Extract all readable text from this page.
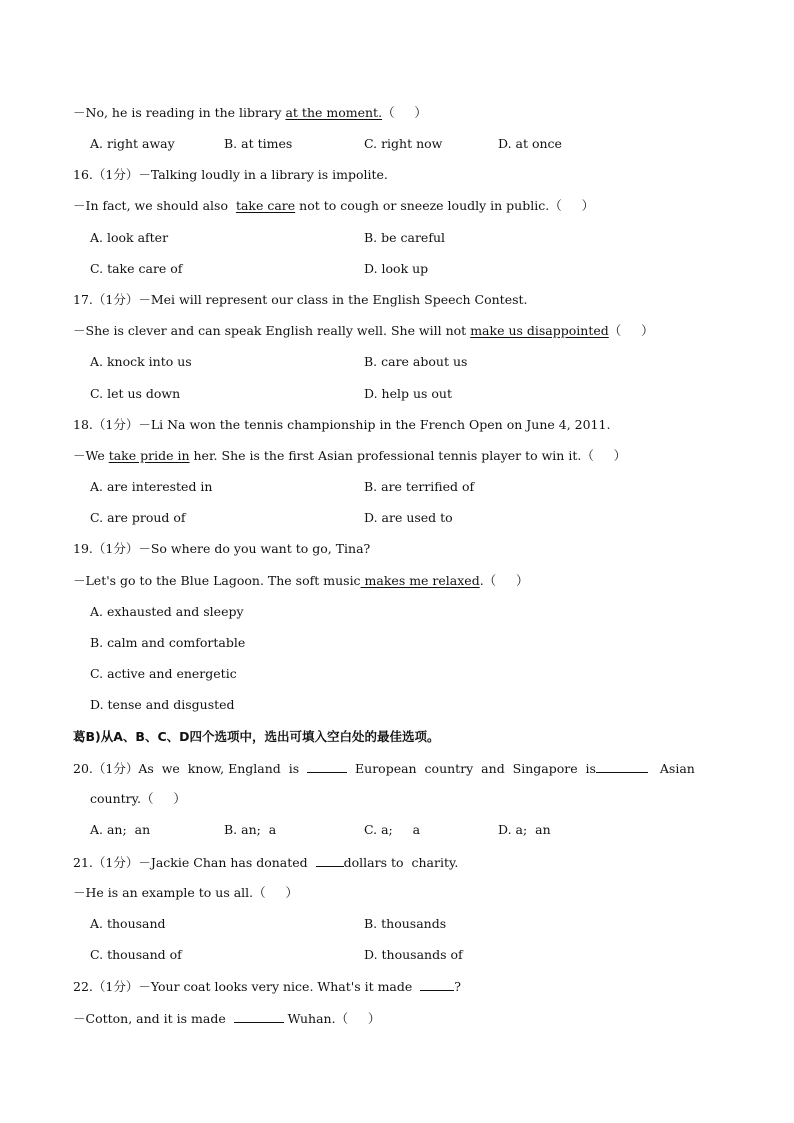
－No, he is reading in the library at the moment.（     ）
A. right away	B. at times	C. right now	D. at once
16.（1分）－Talking loudly in a library is impolite.
－In fact, we should also  take care not to cough or sneeze loudly in public.（     ）
A. look after	B. be careful
C. take care of	D. look up
17.（1分）－Mei will represent our class in the English Speech Contest.
－She is clever and can speak English really well. She will not make us disappointed（     ）
A. knock into us	B. care about us
C. let us down	D. help us out
18.（1分）－Li Na won the tennis championship in the French Open on June 4, 2011.
－We take pride in her. She is the first Asian professional tennis player to win it.（     ）
A. are interested in	B. are terrified of
C. are proud of	D. are used to
19.（1分）－So where do you want to go, Tina?
－Let's go to the Blue Lagoon. The soft music makes me relaxed.（     ）
A. exhausted and sleepy
B. calm and comfortable
C. active and energetic
D. tense and disgusted
葛B)从A、B、C、D四个选项中，选出可填入空白处的最佳选项。
20.（1分）As  we  know, England  is	European  country  and  Singapore  is	Asian
country.（     ）
A. an;  an	B. an;  a	C. a;     a	D. a;  an
21.（1分）－Jackie Chan has donated  dollars to  charity.
－He is an example to us all.（     ）
A. thousand	B. thousands
C. thousand of	D. thousands of
22.（1分）－Your coat looks very nice. What's it made	?
－Cotton, and it is made	Wuhan.（     ）
